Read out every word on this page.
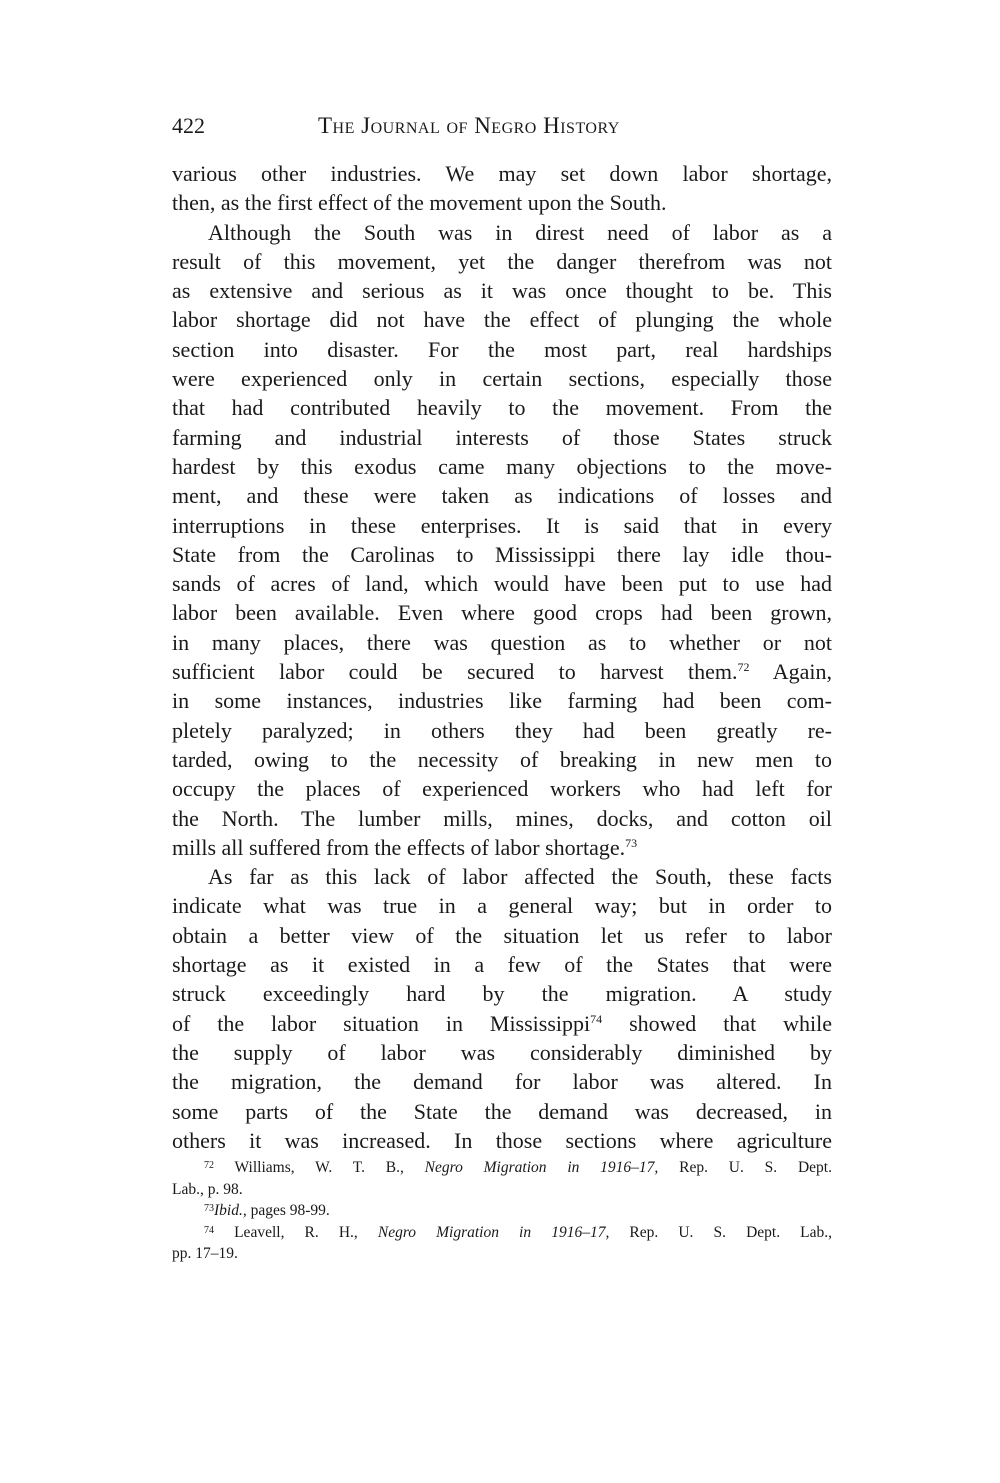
422	The Journal of Negro History
various other industries. We may set down labor shortage,
then, as the first effect of the movement upon the South.
Although the South was in direst need of labor as a
result of this movement, yet the danger therefrom was not
as extensive and serious as it was once thought to be. This
labor shortage did not have the effect of plunging the whole
section into disaster. For the most part, real hardships
were experienced only in certain sections, especially those
that had contributed heavily to the movement. From the
farming and industrial interests of those States struck
hardest by this exodus came many objections to the move-
ment, and these were taken as indications of losses and
interruptions in these enterprises. It is said that in every
State from the Carolinas to Mississippi there lay idle thou-
sands of acres of land, which would have been put to use had
labor been available. Even where good crops had been grown,
in many places, there was question as to whether or not
sufficient labor could be secured to harvest them.$^{72}$ Again,
in some instances, industries like farming had been com-
pletely paralyzed; in others they had been greatly re-
tarded, owing to the necessity of breaking in new men to
occupy the places of experienced workers who had left for
the North. The lumber mills, mines, docks, and cotton oil
mills all suffered from the effects of labor shortage.$^{73}$
As far as this lack of labor affected the South, these facts
indicate what was true in a general way; but in order to
obtain a better view of the situation let us refer to labor
shortage as it existed in a few of the States that were
struck exceedingly hard by the migration. A study
of the labor situation in Mississippi$^{74}$ showed that while
the supply of labor was considerably diminished by
the migration, the demand for labor was altered. In
some parts of the State the demand was decreased, in
others it was increased. In those sections where agriculture
$^{72}$ Williams, W. T. B., Negro Migration in 1916–17, Rep. U. S. Dept.
Lab., p. 98.
$^{73}$Ibid., pages 98-99.
$^{74}$ Leavell, R. H., Negro Migration in 1916–17, Rep. U. S. Dept. Lab.,
pp. 17–19.
